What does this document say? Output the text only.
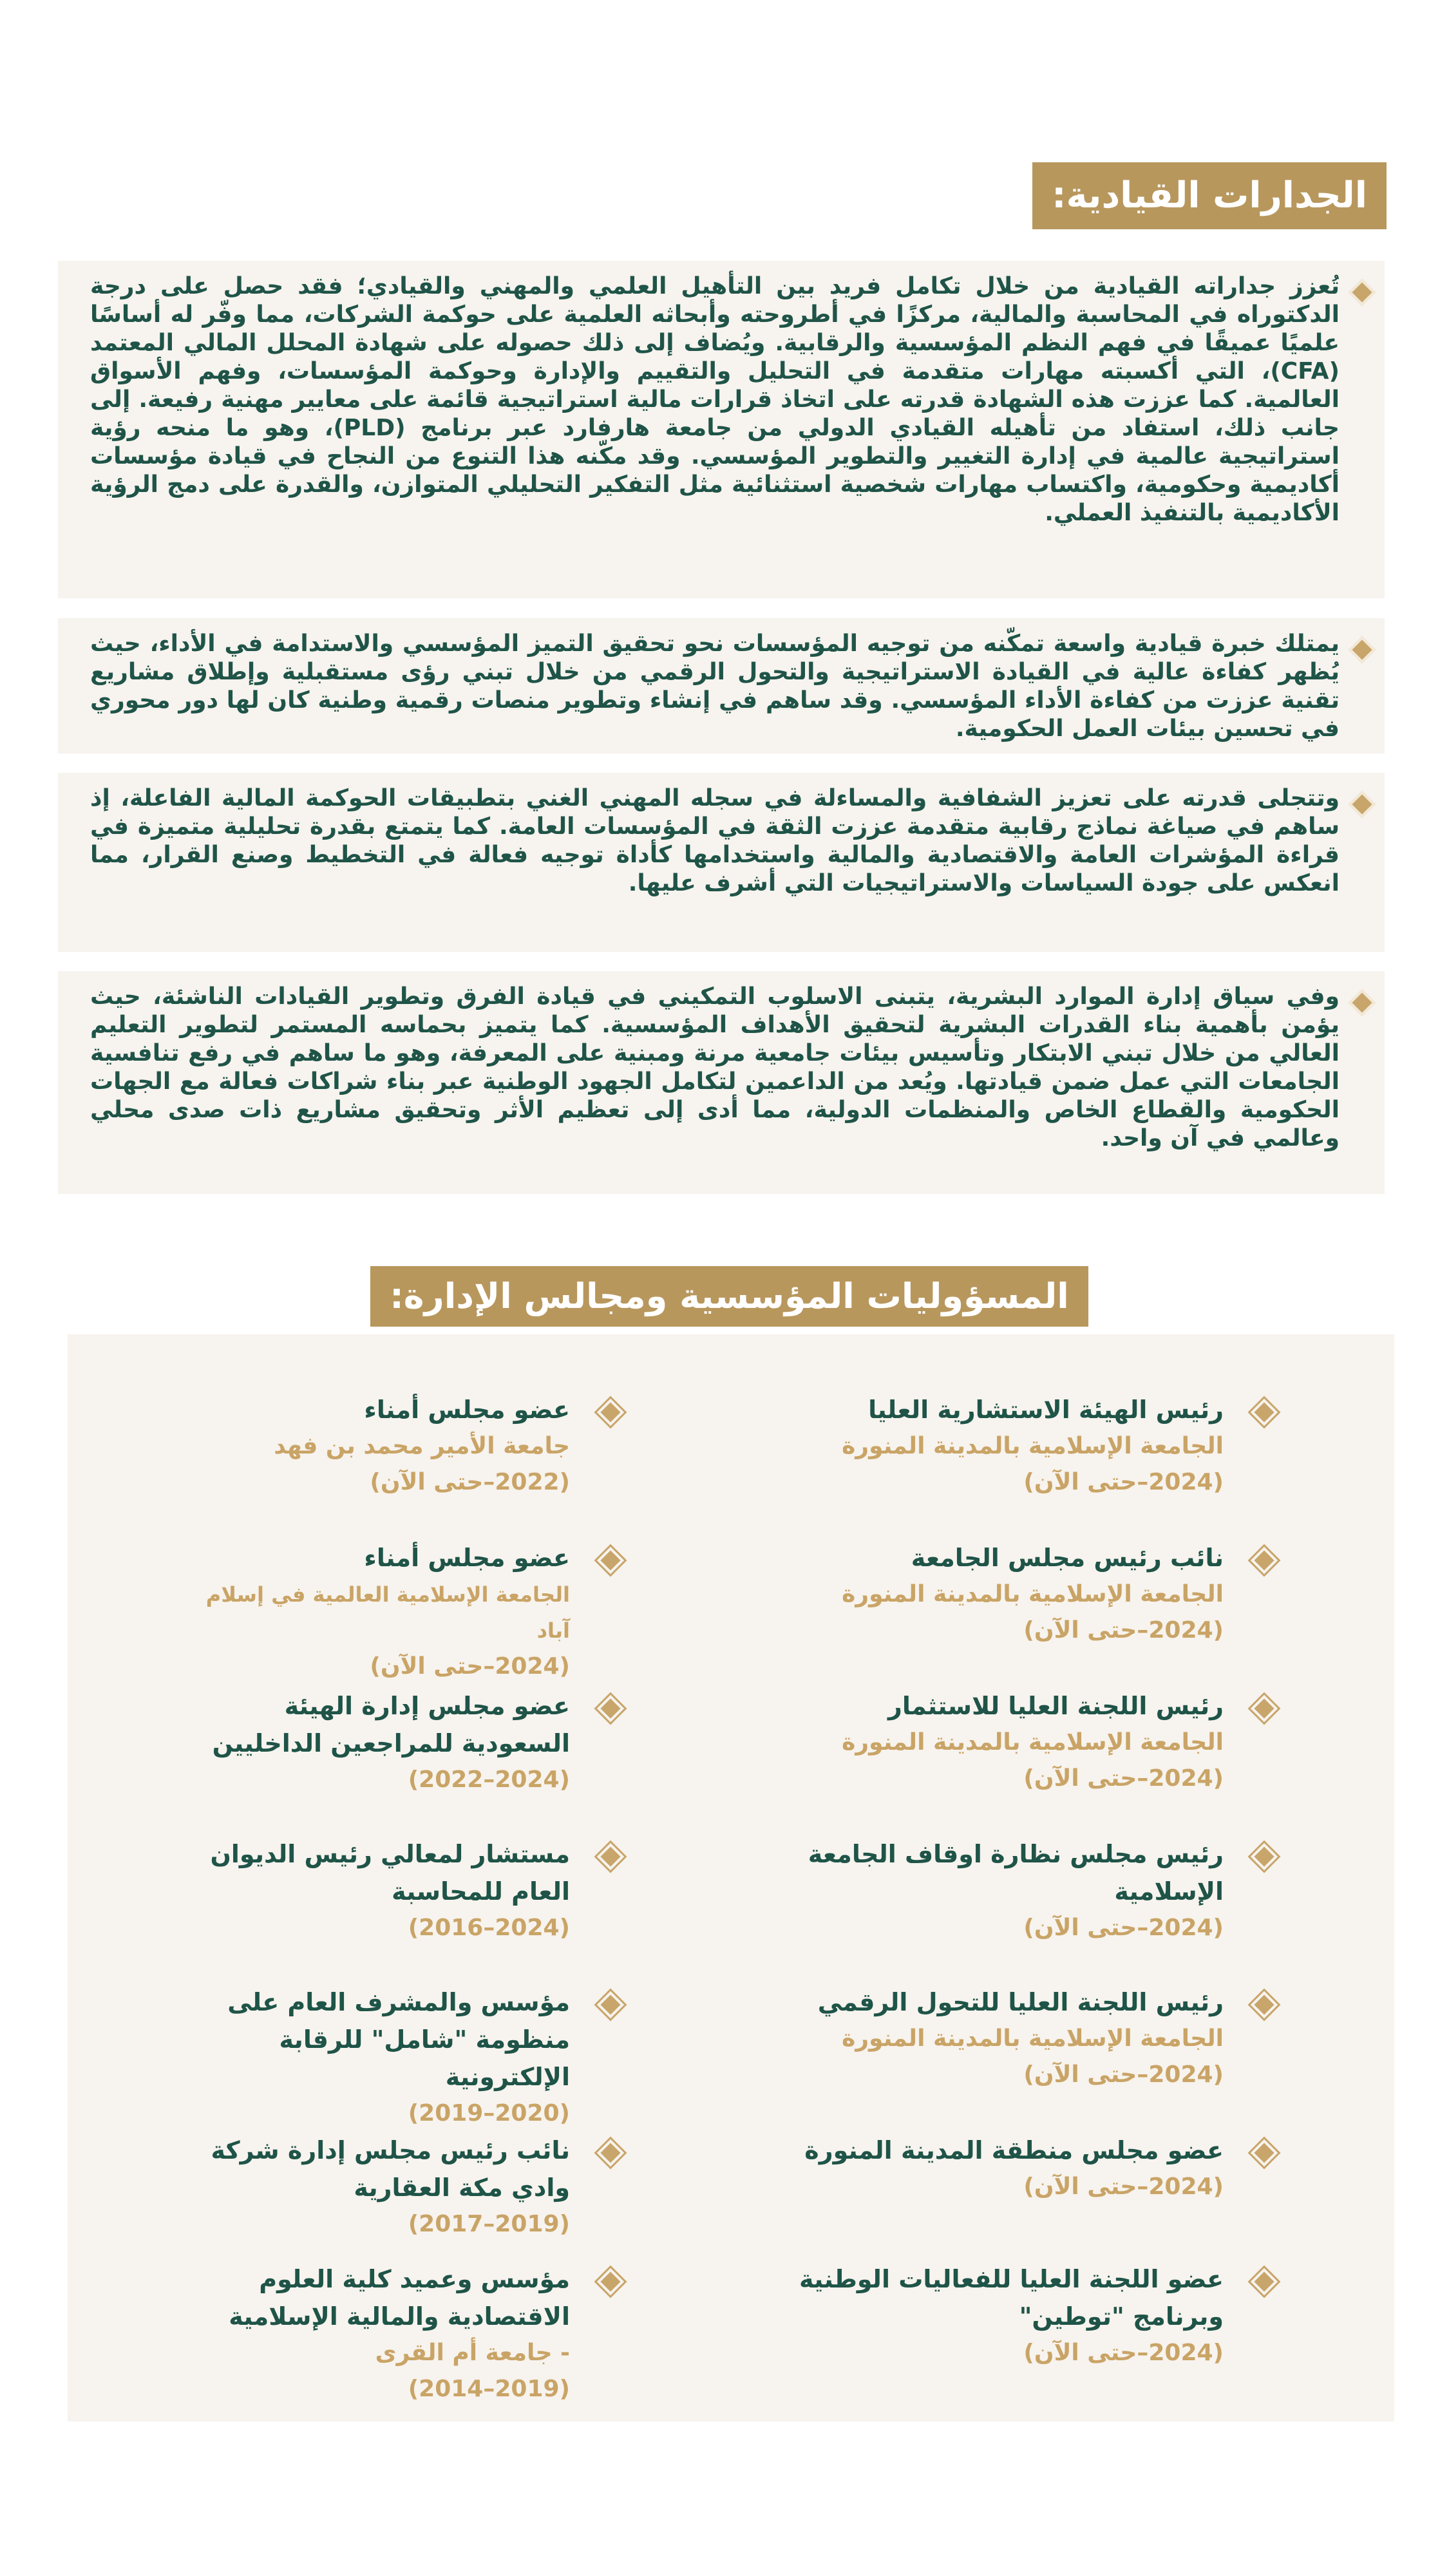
الجدارات القيادية:

تُعزز جداراته القيادية من خلال تكامل فريد بين التأهيل العلمي والمهني والقيادي؛ فقد حصل على درجة الدكتوراه في المحاسبة والمالية، مركزًا في أطروحته وأبحاثه العلمية على حوكمة الشركات، مما وفّر له أساسًا علميًا عميقًا في فهم النظم المؤسسية والرقابية. ويُضاف إلى ذلك حصوله على شهادة المحلل المالي المعتمد (CFA)، التي أكسبته مهارات متقدمة في التحليل والتقييم والإدارة وحوكمة المؤسسات، وفهم الأسواق العالمية. كما عززت هذه الشهادة قدرته على اتخاذ قرارات مالية استراتيجية قائمة على معايير مهنية رفيعة. إلى جانب ذلك، استفاد من تأهيله القيادي الدولي من جامعة هارفارد عبر برنامج (PLD)، وهو ما منحه رؤية استراتيجية عالمية في إدارة التغيير والتطوير المؤسسي. وقد مكّنه هذا التنوع من النجاح في قيادة مؤسسات أكاديمية وحكومية، واكتساب مهارات شخصية استثنائية مثل التفكير التحليلي المتوازن، والقدرة على دمج الرؤية الأكاديمية بالتنفيذ العملي.

يمتلك خبرة قيادية واسعة تمكّنه من توجيه المؤسسات نحو تحقيق التميز المؤسسي والاستدامة في الأداء، حيث يُظهر كفاءة عالية في القيادة الاستراتيجية والتحول الرقمي من خلال تبني رؤى مستقبلية وإطلاق مشاريع تقنية عززت من كفاءة الأداء المؤسسي. وقد ساهم في إنشاء وتطوير منصات رقمية وطنية كان لها دور محوري في تحسين بيئات العمل الحكومية.

وتتجلى قدرته على تعزيز الشفافية والمساءلة في سجله المهني الغني بتطبيقات الحوكمة المالية الفاعلة، إذ ساهم في صياغة نماذج رقابية متقدمة عززت الثقة في المؤسسات العامة. كما يتمتع بقدرة تحليلية متميزة في قراءة المؤشرات العامة والاقتصادية والمالية واستخدامها كأداة توجيه فعالة في التخطيط وصنع القرار، مما انعكس على جودة السياسات والاستراتيجيات التي أشرف عليها.

وفي سياق إدارة الموارد البشرية، يتبنى الاسلوب التمكيني في قيادة الفرق وتطوير القيادات الناشئة، حيث يؤمن بأهمية بناء القدرات البشرية لتحقيق الأهداف المؤسسية. كما يتميز بحماسه المستمر لتطوير التعليم العالي من خلال تبني الابتكار وتأسيس بيئات جامعية مرنة ومبنية على المعرفة، وهو ما ساهم في رفع تنافسية الجامعات التي عمل ضمن قيادتها. ويُعد من الداعمين لتكامل الجهود الوطنية عبر بناء شراكات فعالة مع الجهات الحكومية والقطاع الخاص والمنظمات الدولية، مما أدى إلى تعظيم الأثر وتحقيق مشاريع ذات صدى محلي وعالمي في آن واحد.

المسؤوليات المؤسسية ومجالس الإدارة:
رئيس الهيئة الاستشارية العليا
الجامعة الإسلامية بالمدينة المنورة
(2024–حتى الآن)
نائب رئيس مجلس الجامعة
الجامعة الإسلامية بالمدينة المنورة
(2024–حتى الآن)
رئيس اللجنة العليا للاستثمار
الجامعة الإسلامية بالمدينة المنورة
(2024–حتى الآن)
رئيس مجلس نظارة اوقاف الجامعة الإسلامية
(2024–حتى الآن)
رئيس اللجنة العليا للتحول الرقمي
الجامعة الإسلامية بالمدينة المنورة
(2024–حتى الآن)
عضو مجلس منطقة المدينة المنورة
(2024–حتى الآن)
عضو اللجنة العليا للفعاليات الوطنية وبرنامج "توطين"
(2024–حتى الآن)
عضو مجلس أمناء
جامعة الأمير محمد بن فهد
(2022–حتى الآن)
عضو مجلس أمناء
الجامعة الإسلامية العالمية في إسلام آباد
(2024–حتى الآن)
عضو مجلس إدارة الهيئة السعودية للمراجعين الداخليين
(2024–2022)
مستشار لمعالي رئيس الديوان العام للمحاسبة
(2024–2016)
مؤسس والمشرف العام على منظومة "شامل" للرقابة الإلكترونية
(2020–2019)
نائب رئيس مجلس إدارة شركة وادي مكة العقارية
(2019–2017)
مؤسس وعميد كلية العلوم الاقتصادية والمالية الإسلامية
- جامعة أم القرى
(2019–2014)
